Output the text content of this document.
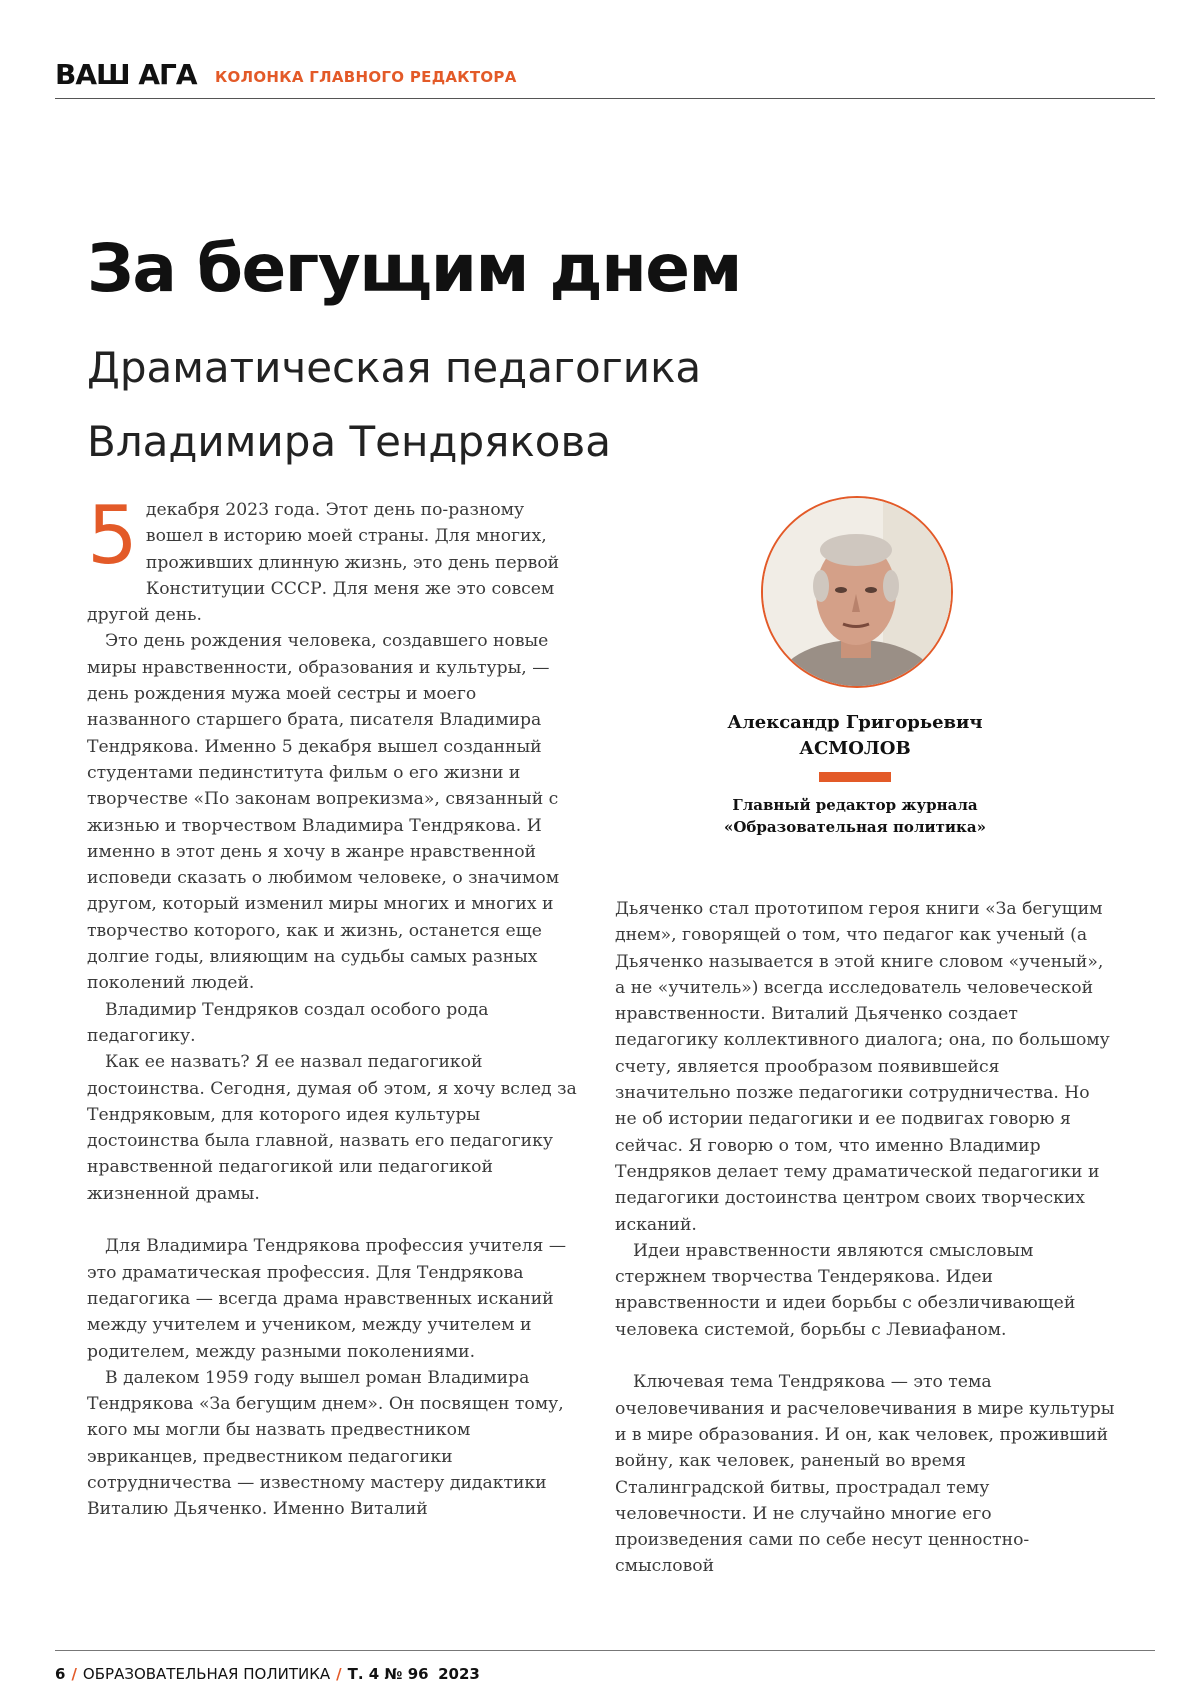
ВАШ АГА КОЛОНКА ГЛАВНОГО РЕДАКТОРА
За бегущим днем
Драматическая педагогика
Владимира Тендрякова
5 декабря 2023 года. Этот день по-разному вошел в историю моей страны. Для многих, проживших длинную жизнь, это день первой Конституции СССР. Для меня же это совсем другой день.

Это день рождения человека, создавшего новые миры нравственности, образования и культуры, — день рождения мужа моей сестры и моего названного старшего брата, писателя Владимира Тендрякова. Именно 5 декабря вышел созданный студентами пединститута фильм о его жизни и творчестве «По законам вопрекизма», связанный с жизнью и творчеством Владимира Тендрякова. И именно в этот день я хочу в жанре нравственной исповеди сказать о любимом человеке, о значимом другом, который изменил миры многих и многих и творчество которого, как и жизнь, останется еще долгие годы, влияющим на судьбы самых разных поколений людей.

Владимир Тендряков создал особого рода педагогику.

Как ее назвать? Я ее назвал педагогикой достоинства. Сегодня, думая об этом, я хочу вслед за Тендряковым, для которого идея культуры достоинства была главной, назвать его педагогику нравственной педагогикой или педагогикой жизненной драмы.

Для Владимира Тендрякова профессия учителя — это драматическая профессия. Для Тендрякова педагогика — всегда драма нравственных исканий между учителем и учеником, между учителем и родителем, между разными поколениями.

В далеком 1959 году вышел роман Владимира Тендрякова «За бегущим днем». Он посвящен тому, кого мы могли бы назвать предвестником эвриканцев, предвестником педагогики сотрудничества — известному мастеру дидактики Виталию Дьяченко. Именно Виталий

Александр Григорьевич
АСМОЛОВ
Главный редактор журнала
«Образовательная политика»

Дьяченко стал прототипом героя книги «За бегущим днем», говорящей о том, что педагог как ученый (а Дьяченко называется в этой книге словом «ученый», а не «учитель») всегда исследователь человеческой нравственности. Виталий Дьяченко создает педагогику коллективного диалога; она, по большому счету, является прообразом появившейся значительно позже педагогики сотрудничества. Но не об истории педагогики и ее подвигах говорю я сейчас. Я говорю о том, что именно Владимир Тендряков делает тему драматической педагогики и педагогики достоинства центром своих творческих исканий.

Идеи нравственности являются смысловым стержнем творчества Тендерякова. Идеи нравственности и идеи борьбы с обезличивающей человека системой, борьбы с Левиафаном.

Ключевая тема Тендрякова — это тема очеловечивания и расчеловечивания в мире культуры и в мире образования. И он, как человек, проживший войну, как человек, раненый во время Сталинградской битвы, прострадал тему человечности. И не случайно многие его произведения сами по себе несут ценностно-смысловой

6 / ОБРАЗОВАТЕЛЬНАЯ ПОЛИТИКА / Т. 4 № 96 2023
